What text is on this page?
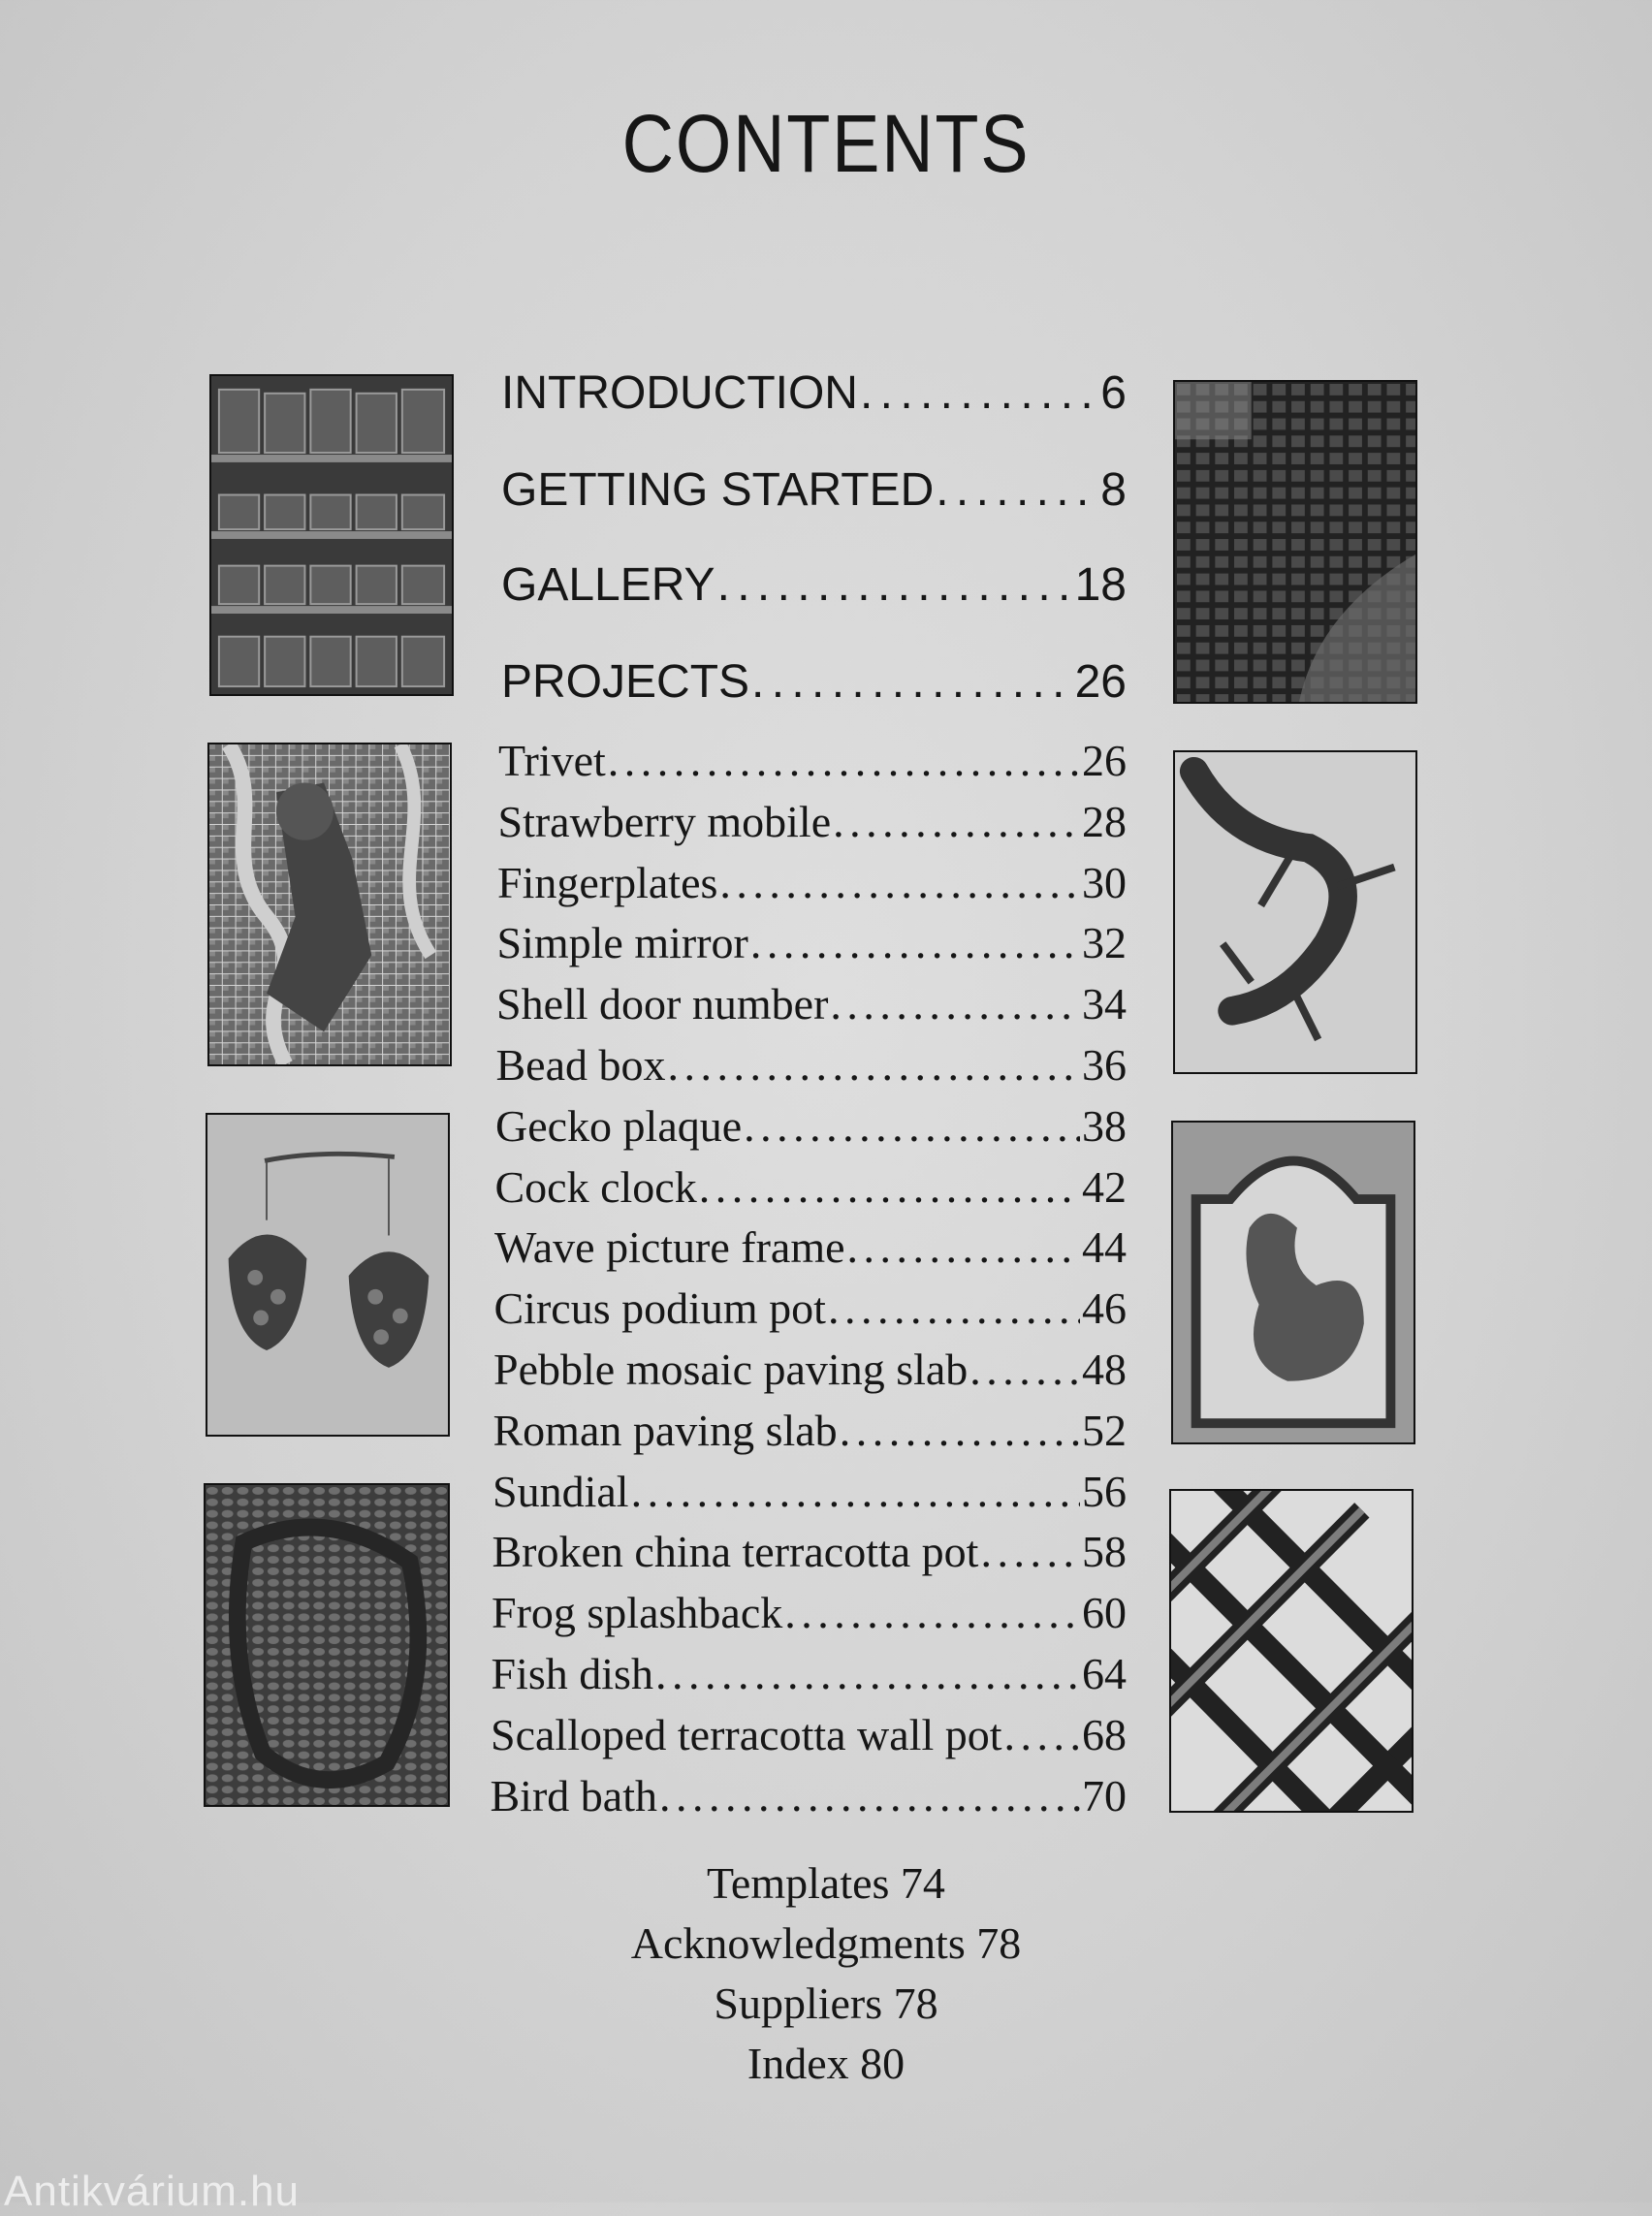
CONTENTS
INTRODUCTION . . .	6
GETTING STARTED . . .	8
GALLERY . . .	18
PROJECTS . . .	26
Trivet . . .	26
Strawberry mobile . . .	28
Fingerplates . . .	30
Simple mirror . . .	32
Shell door number . . .	34
Bead box . . .	36
Gecko plaque . . .	38
Cock clock . . .	42
Wave picture frame . . .	44
Circus podium pot . . .	46
Pebble mosaic paving slab . . .	48
Roman paving slab . . .	52
Sundial . . .	56
Broken china terracotta pot . . . 58
Frog splashback . . .	60
Fish dish . . .	64
Scalloped terracotta wall pot . . . 68
Bird bath . . .	70
Templates 74
Acknowledgments 78
Suppliers 78
Index 80
Antikvárium.hu
